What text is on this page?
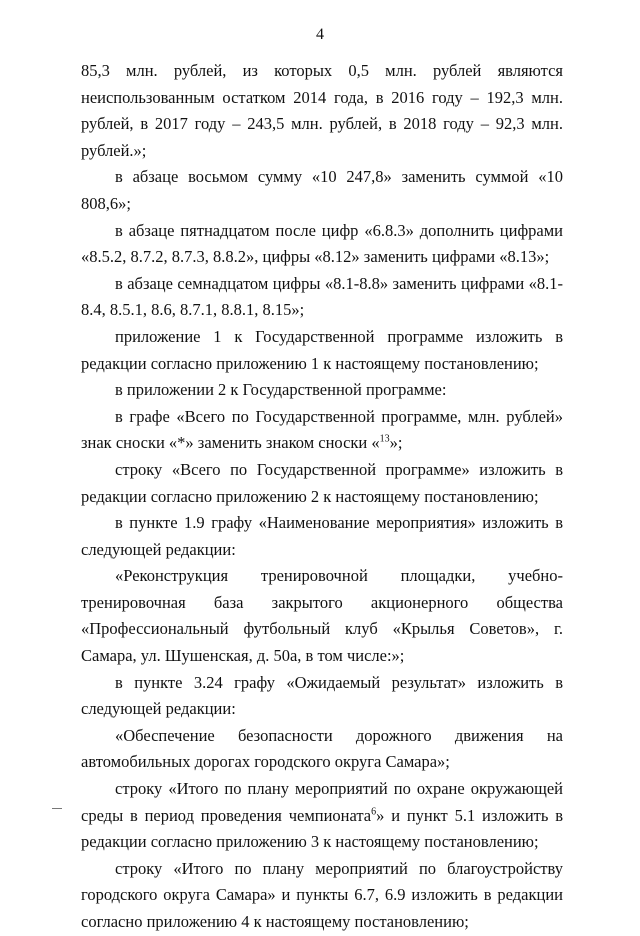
4

85,3 млн. рублей, из которых 0,5 млн. рублей являются неиспользованным остатком 2014 года, в 2016 году – 192,3 млн. рублей, в 2017 году – 243,5 млн. рублей, в 2018 году – 92,3 млн. рублей.»;

в абзаце восьмом сумму «10 247,8» заменить суммой «10 808,6»;

в абзаце пятнадцатом после цифр «6.8.3» дополнить цифрами «8.5.2, 8.7.2, 8.7.3, 8.8.2», цифры «8.12» заменить цифрами «8.13»;

в абзаце семнадцатом цифры «8.1-8.8» заменить цифрами «8.1-8.4, 8.5.1, 8.6, 8.7.1, 8.8.1, 8.15»;

приложение 1 к Государственной программе изложить в редакции согласно приложению 1 к настоящему постановлению;

в приложении 2 к Государственной программе:

в графе «Всего по Государственной программе, млн. рублей» знак сноски «*» заменить знаком сноски «$^{13}$»;

строку «Всего по Государственной программе» изложить в редакции согласно приложению 2 к настоящему постановлению;

в пункте 1.9 графу «Наименование мероприятия» изложить в следующей редакции:

«Реконструкция тренировочной площадки, учебно-тренировочная база закрытого акционерного общества «Профессиональный футбольный клуб «Крылья Советов», г. Самара, ул. Шушенская, д. 50а, в том числе:»;

в пункте 3.24 графу «Ожидаемый результат» изложить в следующей редакции:

«Обеспечение безопасности дорожного движения на автомобильных дорогах городского округа Самара»;

строку «Итого по плану мероприятий по охране окружающей среды в период проведения чемпионата$^6$» и пункт 5.1 изложить в редакции согласно приложению 3 к настоящему постановлению;

строку «Итого по плану мероприятий по благоустройству городского округа Самара» и пункты 6.7, 6.9 изложить в редакции согласно приложению 4 к настоящему постановлению;
